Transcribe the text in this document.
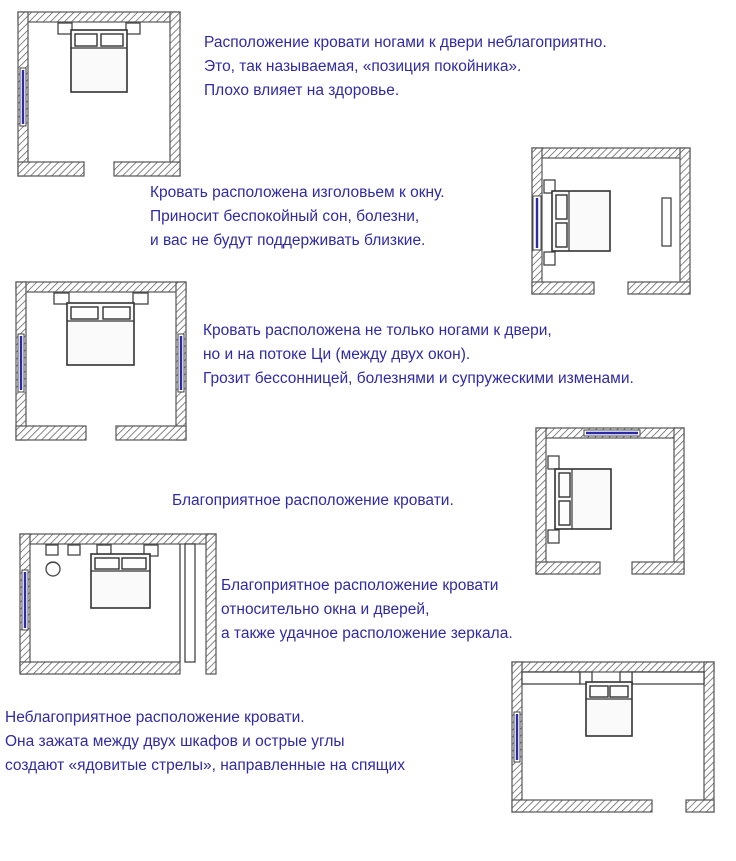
Расположение кровати ногами к двери неблагоприятно.
Это, так называемая, «позиция покойника».
Плохо влияет на здоровье.
Кровать расположена изголовьем к окну.
Приносит беспокойный сон, болезни,
и вас не будут поддерживать близкие.
Кровать расположена не только ногами к двери,
но и на потоке Ци (между двух окон).
Грозит бессонницей, болезнями и супружескими изменами.
Благоприятное расположение кровати.
Благоприятное расположение кровати
относительно окна и дверей,
а также удачное расположение зеркала.
Неблагоприятное расположение кровати.
Она зажата между двух шкафов и острые углы
создают «ядовитые стрелы», направленные на спящих
